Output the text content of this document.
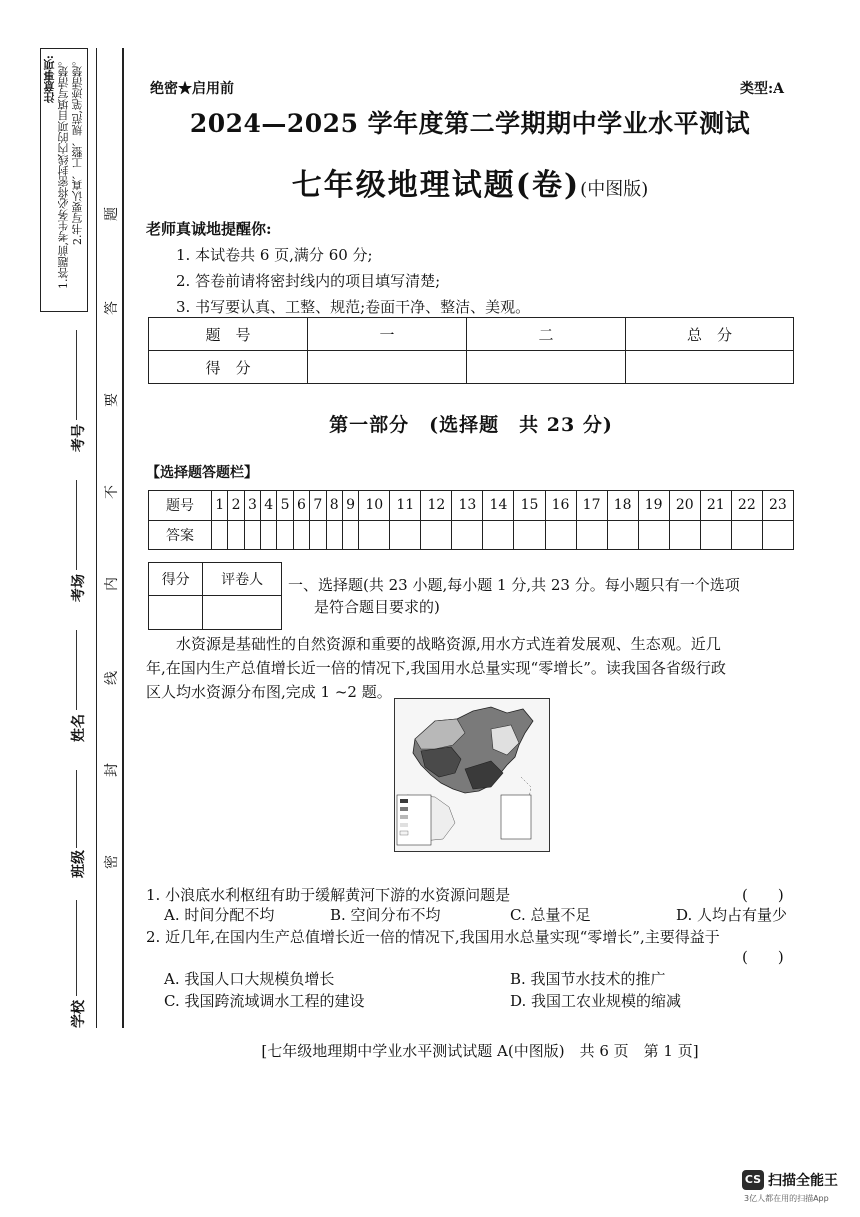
注意事项: 1.答题前,考生务必将密封线内的项目填写清楚。 2.书写要认真、工整、规范,笔迹清楚。 题
答
要
不
内
线
封
密
考号
考场
姓名
班级
学校
绝密★启用前	类型:A
2024—2025 学年度第二学期期中学业水平测试
七年级地理试题(卷)(中图版)
老师真诚地提醒你:
1. 本试卷共 6 页,满分 60 分;
2. 答卷前请将密封线内的项目填写清楚;
3. 书写要认真、工整、规范;卷面干净、整洁、美观。
题　号	一	二	总　分
得　分			
第一部分　(选择题　共 23 分)
【选择题答题栏】
题号	1	2	3	4	5	6	7	8	9	10	11	12	13	14	15	16	17	18	19	20	21	22	23
答案																							
得分	评卷人
	一、选择题(共 23 小题,每小题 1 分,共 23 分。每小题只有一个选项
是符合题目要求的)
水资源是基础性的自然资源和重要的战略资源,用水方式连着发展观、生态观。近几
年,在国内生产总值增长近一倍的情况下,我国用水总量实现“零增长”。读我国各省级行政
区人均水资源分布图,完成 1 ~2 题。
1. 小浪底水利枢纽有助于缓解黄河下游的水资源问题是	(　　)
A. 时间分配不均	B. 空间分布不均	C. 总量不足	D. 人均占有量少
2. 近几年,在国内生产总值增长近一倍的情况下,我国用水总量实现“零增长”,主要得益于
(　　)
A. 我国人口大规模负增长	B. 我国节水技术的推广
C. 我国跨流域调水工程的建设	D. 我国工农业规模的缩减
[七年级地理期中学业水平测试试题 A(中图版)　共 6 页　第 1 页]
CS 扫描全能王
3亿人都在用的扫描App
